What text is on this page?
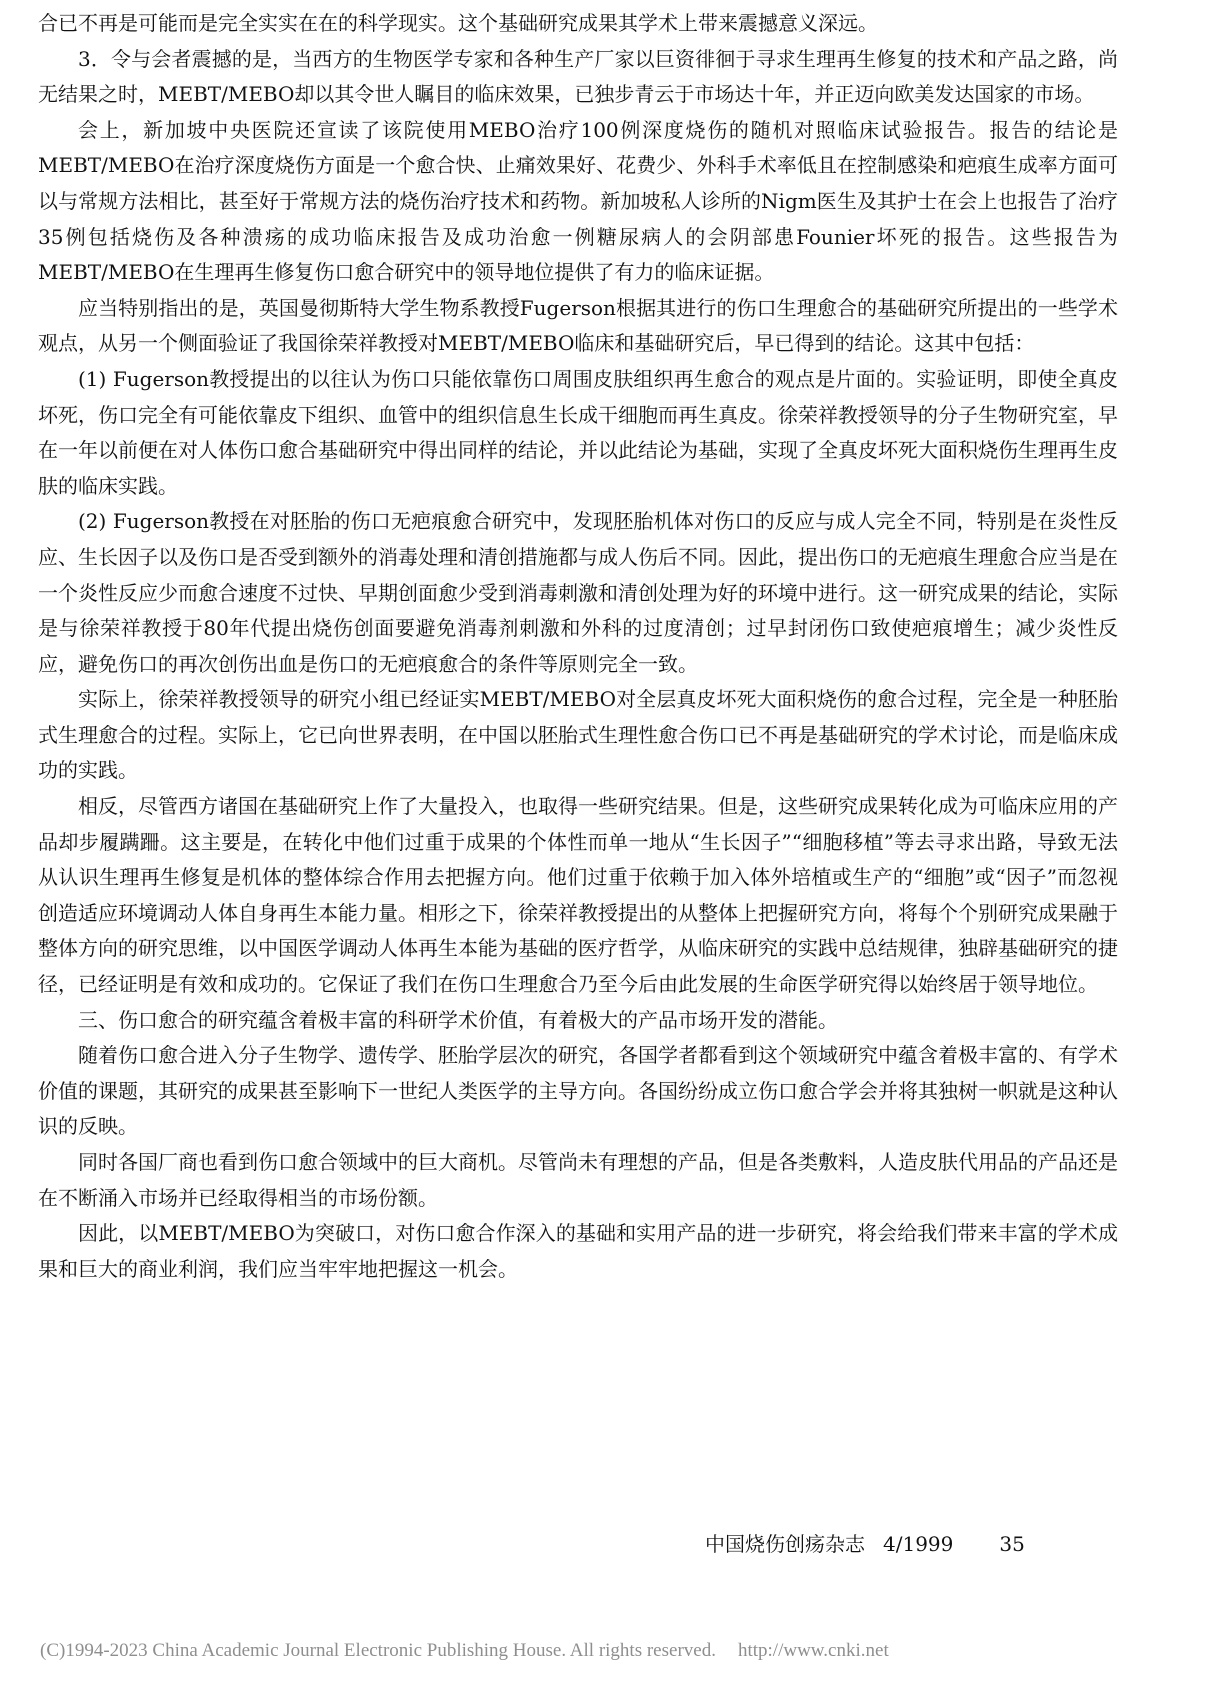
合已不再是可能而是完全实实在在的科学现实。这个基础研究成果其学术上带来震撼意义深远。

3．令与会者震撼的是，当西方的生物医学专家和各种生产厂家以巨资徘徊于寻求生理再生修复的技术和产品之路，尚无结果之时，MEBT/MEBO却以其令世人瞩目的临床效果，已独步青云于市场达十年，并正迈向欧美发达国家的市场。

会上，新加坡中央医院还宣读了该院使用MEBO治疗100例深度烧伤的随机对照临床试验报告。报告的结论是MEBT/MEBO在治疗深度烧伤方面是一个愈合快、止痛效果好、花费少、外科手术率低且在控制感染和疤痕生成率方面可以与常规方法相比，甚至好于常规方法的烧伤治疗技术和药物。新加坡私人诊所的Nigm医生及其护士在会上也报告了治疗35例包括烧伤及各种溃疡的成功临床报告及成功治愈一例糖尿病人的会阴部患Founier坏死的报告。这些报告为MEBT/MEBO在生理再生修复伤口愈合研究中的领导地位提供了有力的临床证据。

应当特别指出的是，英国曼彻斯特大学生物系教授Fugerson根据其进行的伤口生理愈合的基础研究所提出的一些学术观点，从另一个侧面验证了我国徐荣祥教授对MEBT/MEBO临床和基础研究后，早已得到的结论。这其中包括：

(1) Fugerson教授提出的以往认为伤口只能依靠伤口周围皮肤组织再生愈合的观点是片面的。实验证明，即使全真皮坏死，伤口完全有可能依靠皮下组织、血管中的组织信息生长成干细胞而再生真皮。徐荣祥教授领导的分子生物研究室，早在一年以前便在对人体伤口愈合基础研究中得出同样的结论，并以此结论为基础，实现了全真皮坏死大面积烧伤生理再生皮肤的临床实践。

(2) Fugerson教授在对胚胎的伤口无疤痕愈合研究中，发现胚胎机体对伤口的反应与成人完全不同，特别是在炎性反应、生长因子以及伤口是否受到额外的消毒处理和清创措施都与成人伤后不同。因此，提出伤口的无疤痕生理愈合应当是在一个炎性反应少而愈合速度不过快、早期创面愈少受到消毒刺激和清创处理为好的环境中进行。这一研究成果的结论，实际是与徐荣祥教授于80年代提出烧伤创面要避免消毒剂刺激和外科的过度清创；过早封闭伤口致使疤痕增生；减少炎性反应，避免伤口的再次创伤出血是伤口的无疤痕愈合的条件等原则完全一致。

实际上，徐荣祥教授领导的研究小组已经证实MEBT/MEBO对全层真皮坏死大面积烧伤的愈合过程，完全是一种胚胎式生理愈合的过程。实际上，它已向世界表明，在中国以胚胎式生理性愈合伤口已不再是基础研究的学术讨论，而是临床成功的实践。

相反，尽管西方诸国在基础研究上作了大量投入，也取得一些研究结果。但是，这些研究成果转化成为可临床应用的产品却步履蹒跚。这主要是，在转化中他们过重于成果的个体性而单一地从“生长因子”“细胞移植”等去寻求出路，导致无法从认识生理再生修复是机体的整体综合作用去把握方向。他们过重于依赖于加入体外培植或生产的“细胞”或“因子”而忽视创造适应环境调动人体自身再生本能力量。相形之下，徐荣祥教授提出的从整体上把握研究方向，将每个个别研究成果融于整体方向的研究思维，以中国医学调动人体再生本能为基础的医疗哲学，从临床研究的实践中总结规律，独辟基础研究的捷径，已经证明是有效和成功的。它保证了我们在伤口生理愈合乃至今后由此发展的生命医学研究得以始终居于领导地位。

三、伤口愈合的研究蕴含着极丰富的科研学术价值，有着极大的产品市场开发的潜能。

随着伤口愈合进入分子生物学、遗传学、胚胎学层次的研究，各国学者都看到这个领域研究中蕴含着极丰富的、有学术价值的课题，其研究的成果甚至影响下一世纪人类医学的主导方向。各国纷纷成立伤口愈合学会并将其独树一帜就是这种认识的反映。

同时各国厂商也看到伤口愈合领域中的巨大商机。尽管尚未有理想的产品，但是各类敷料，人造皮肤代用品的产品还是在不断涌入市场并已经取得相当的市场份额。

因此，以MEBT/MEBO为突破口，对伤口愈合作深入的基础和实用产品的进一步研究，将会给我们带来丰富的学术成果和巨大的商业利润，我们应当牢牢地把握这一机会。

中国烧伤创疡杂志 4/1999 35
(C)1994-2023 China Academic Journal Electronic Publishing House. All rights reserved. http://www.cnki.net
